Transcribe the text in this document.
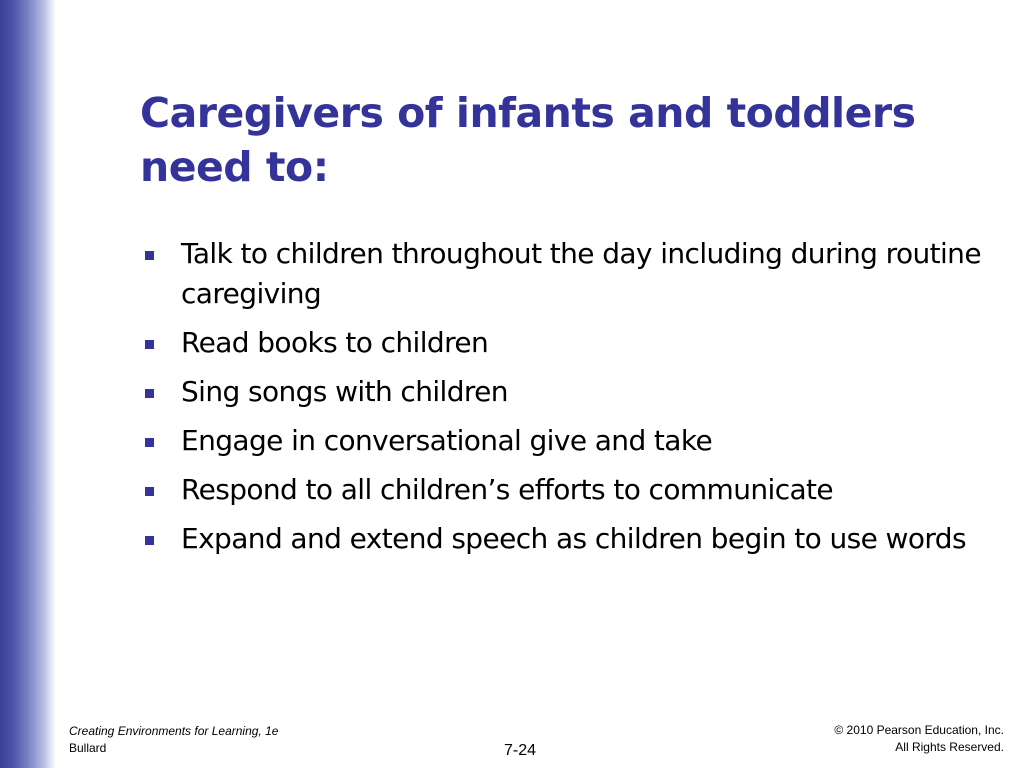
Caregivers of infants and toddlers need to:
Talk to children throughout the day including during routine caregiving
Read books to children
Sing songs with children
Engage in conversational give and take
Respond to all children’s efforts to communicate
Expand and extend speech as children begin to use words
Creating Environments for Learning, 1e
Bullard	7-24
© 2010 Pearson Education, Inc.
All Rights Reserved.
